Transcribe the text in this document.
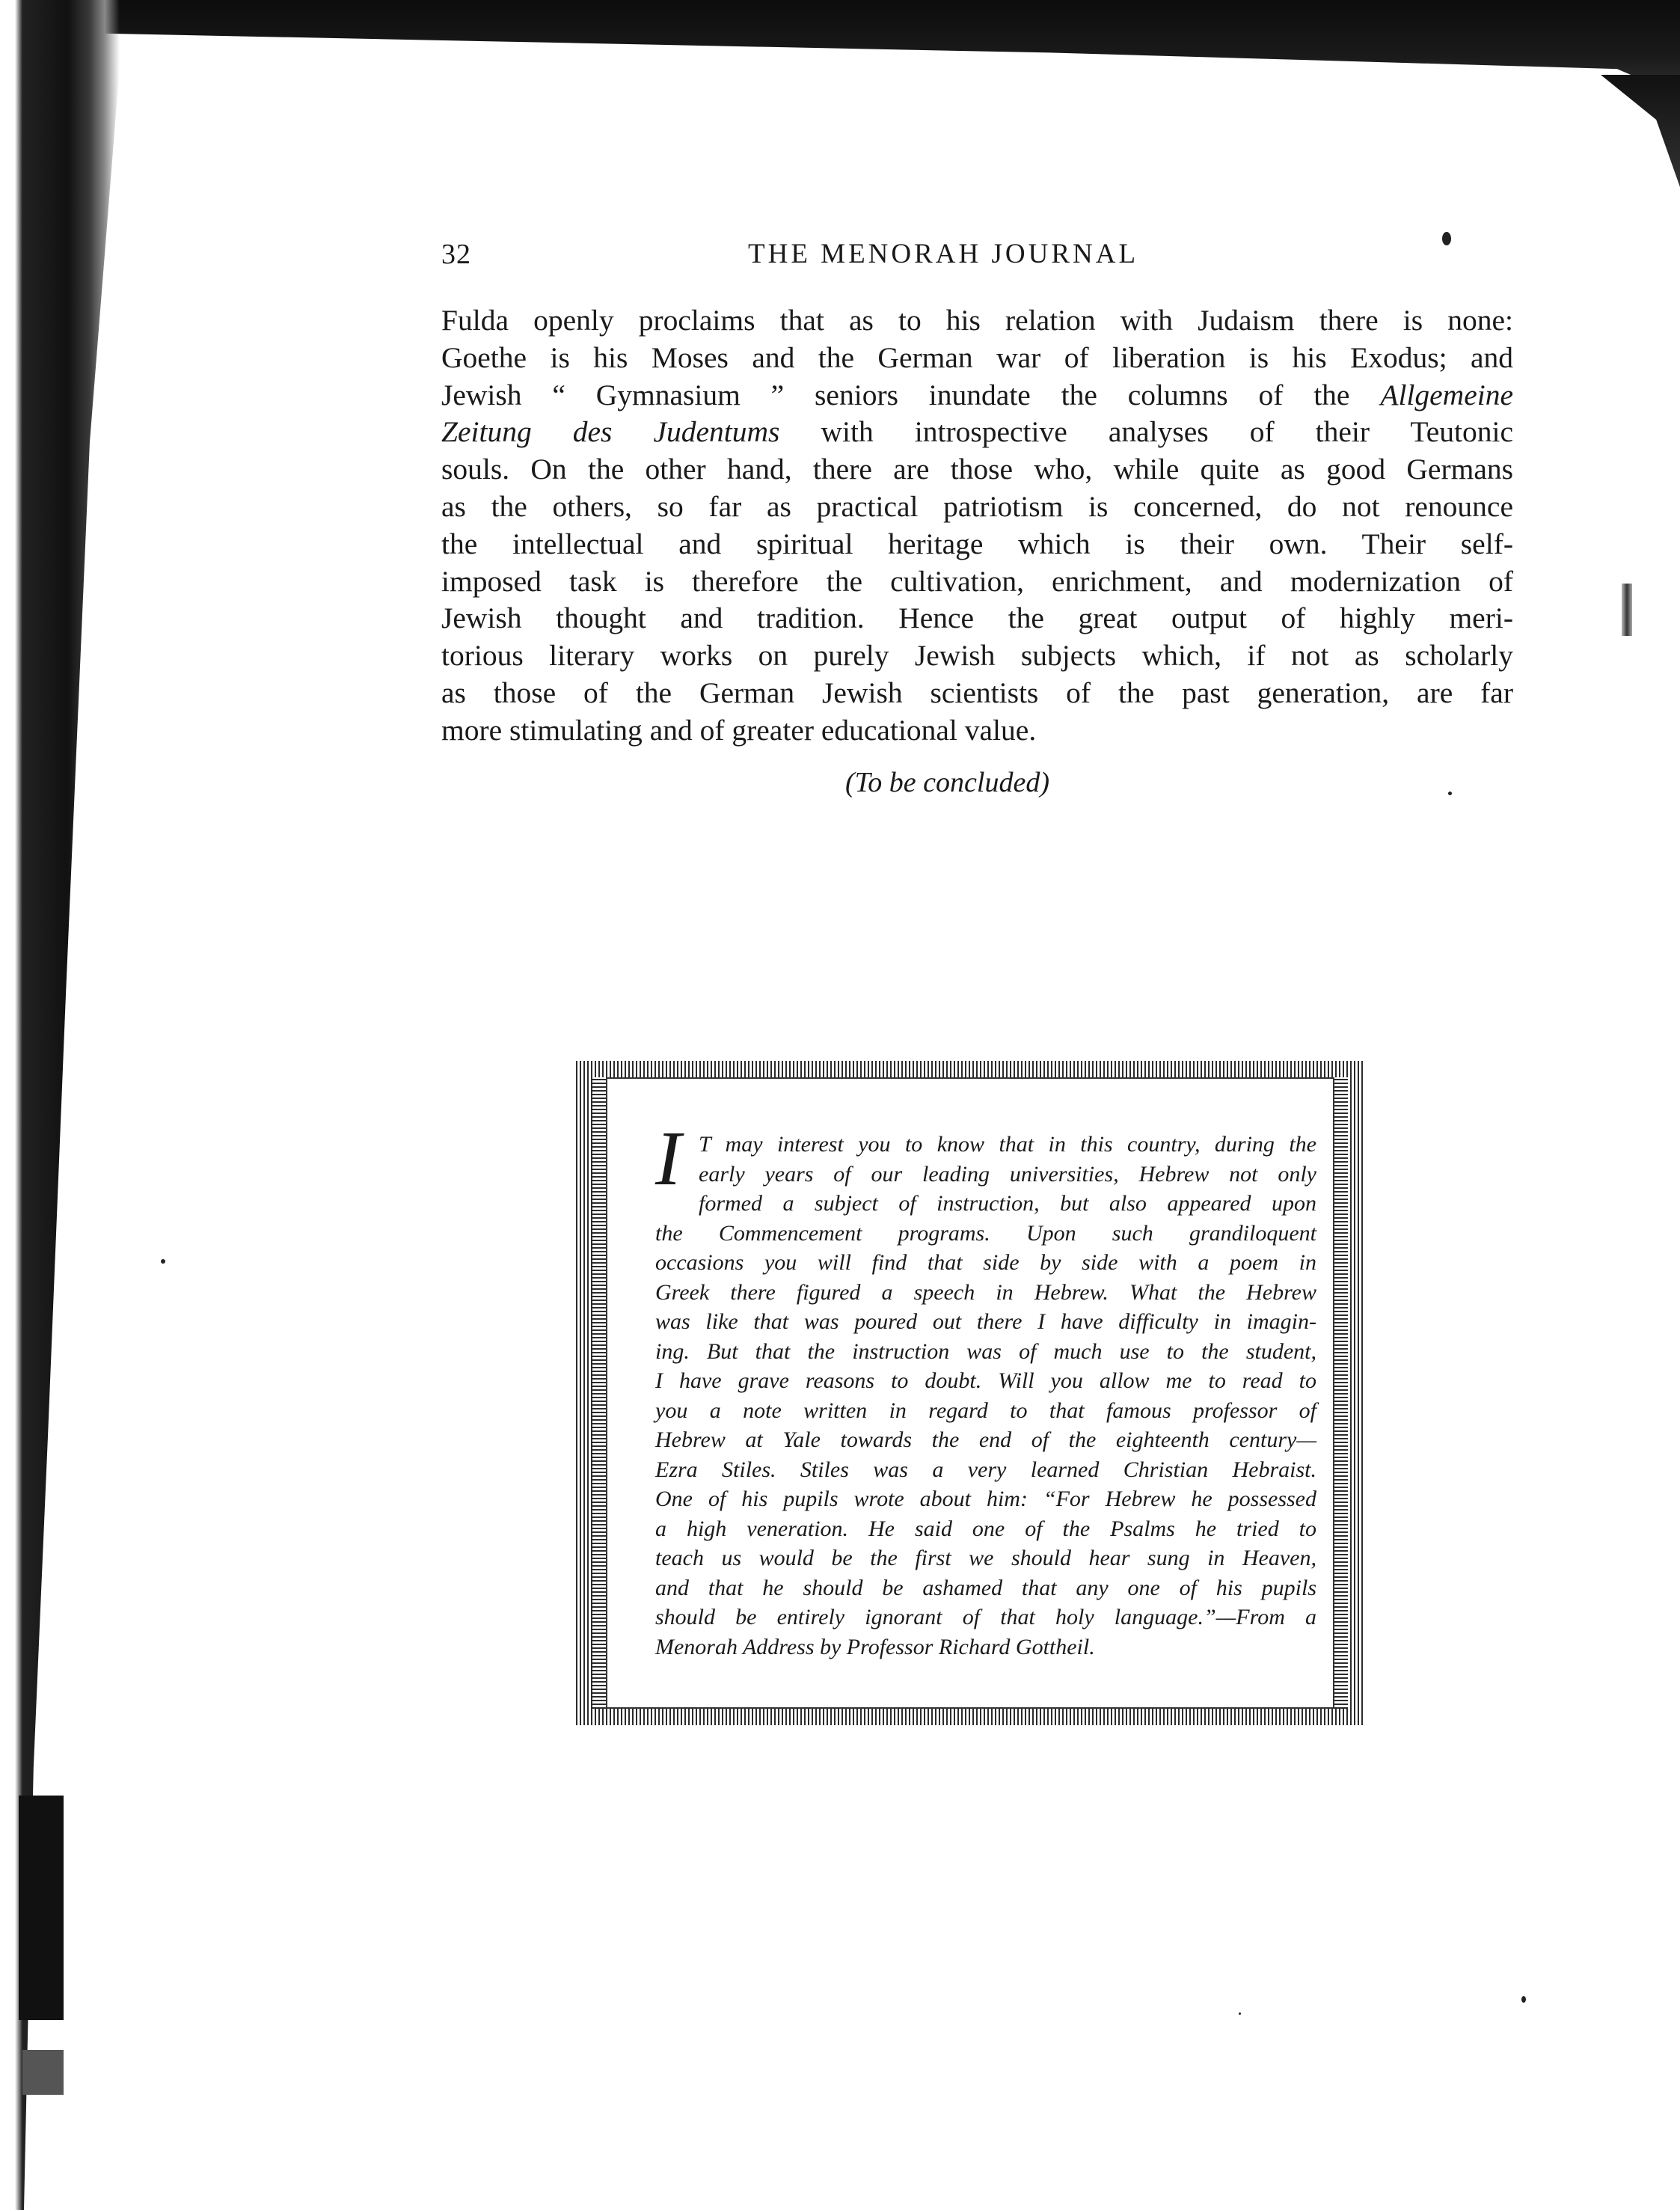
32	THE MENORAH JOURNAL
Fulda openly proclaims that as to his relation with Judaism there is none:
Goethe is his Moses and the German war of liberation is his Exodus; and
Jewish “ Gymnasium ” seniors inundate the columns of the Allgemeine
Zeitung des Judentums with introspective analyses of their Teutonic
souls. On the other hand, there are those who, while quite as good Germans
as the others, so far as practical patriotism is concerned, do not renounce
the intellectual and spiritual heritage which is their own. Their self-
imposed task is therefore the cultivation, enrichment, and modernization of
Jewish thought and tradition. Hence the great output of highly meri-
torious literary works on purely Jewish subjects which, if not as scholarly
as those of the German Jewish scientists of the past generation, are far
more stimulating and of greater educational value.
(To be concluded)
I T may interest you to know that in this country, during the
early years of our leading universities, Hebrew not only
formed a subject of instruction, but also appeared upon
the Commencement programs. Upon such grandiloquent
occasions you will find that side by side with a poem in
Greek there figured a speech in Hebrew. What the Hebrew
was like that was poured out there I have difficulty in imagin-
ing. But that the instruction was of much use to the student,
I have grave reasons to doubt. Will you allow me to read to
you a note written in regard to that famous professor of
Hebrew at Yale towards the end of the eighteenth century—
Ezra Stiles. Stiles was a very learned Christian Hebraist.
One of his pupils wrote about him: “For Hebrew he possessed
a high veneration. He said one of the Psalms he tried to
teach us would be the first we should hear sung in Heaven,
and that he should be ashamed that any one of his pupils
should be entirely ignorant of that holy language.”—From a
Menorah Address by Professor Richard Gottheil.
